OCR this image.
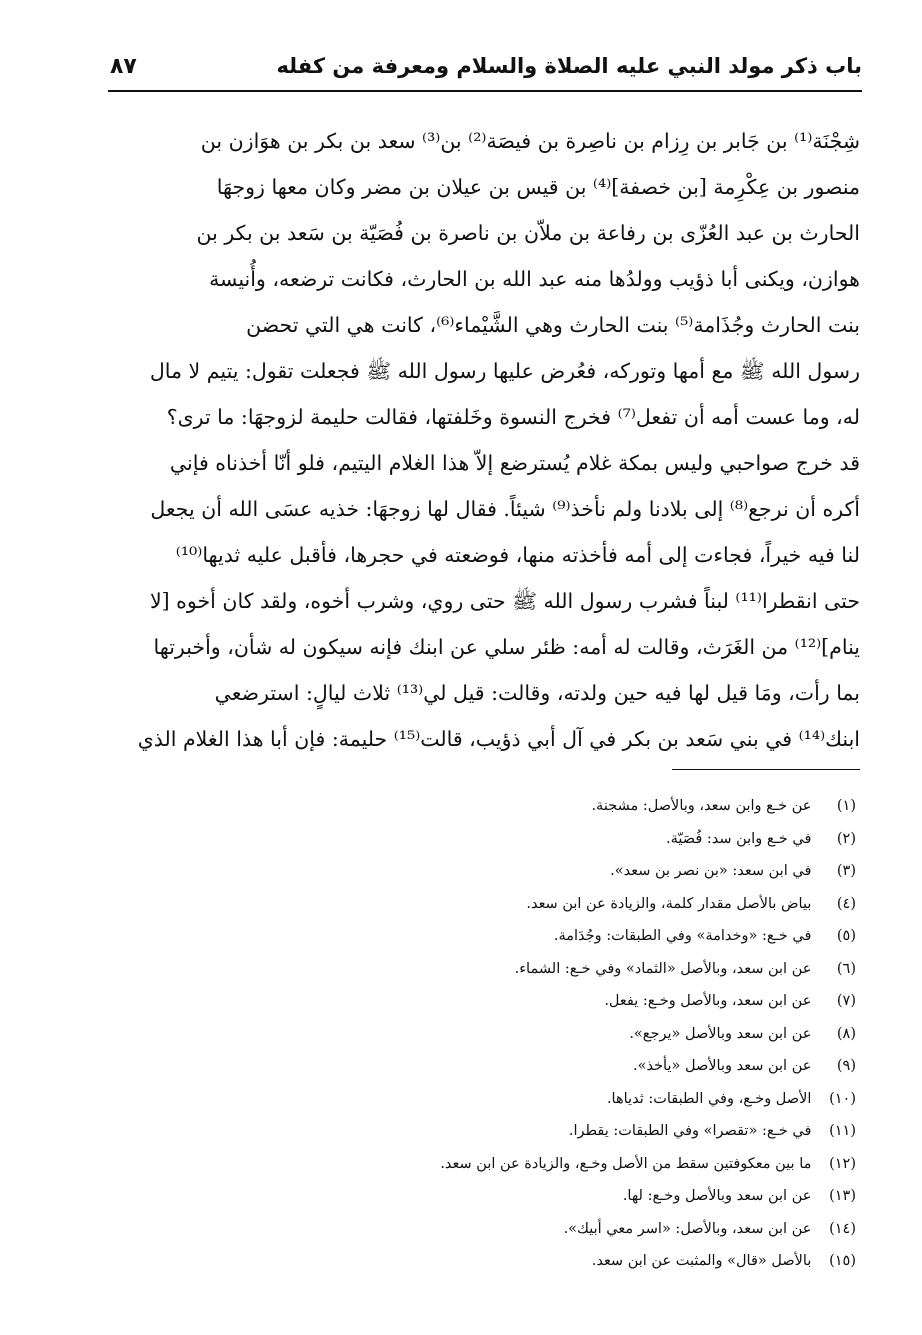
باب ذكر مولد النبي عليه الصلاة والسلام ومعرفة من كفله
٨٧
شِجْنَة⁽¹⁾ بن جَابر بن رِزام بن ناصِرة بن فيصَة⁽²⁾ بن⁽³⁾ سعد بن بكر بن هوَازن بن
منصور بن عِكْرِمة [بن خصفة]⁽⁴⁾ بن قيس بن عيلان بن مضر وكان معها زوجهَا
الحارث بن عبد العُزّى بن رفاعة بن ملاّن بن ناصرة بن فُصَيّة بن سَعد بن بكر بن
هوازن، ويكنى أبا ذؤيب وولدُها منه عبد الله بن الحارث، فكانت ترضعه، وأُنيسة
بنت الحارث وجُذَامة⁽⁵⁾ بنت الحارث وهي الشَّيْماء⁽⁶⁾، كانت هي التي تحضن
رسول الله ﷺ مع أمها وتوركه، فعُرض عليها رسول الله ﷺ فجعلت تقول: يتيم لا مال
له، وما عست أمه أن تفعل⁽⁷⁾ فخرج النسوة وخَلفتها، فقالت حليمة لزوجهَا: ما ترى؟
قد خرج صواحبي وليس بمكة غلام يُسترضع إلاّ هذا الغلام اليتيم، فلو أنّا أخذناه فإني
أكره أن نرجع⁽⁸⁾ إلى بلادنا ولم نأخذ⁽⁹⁾ شيئاً. فقال لها زوجهَا: خذيه عسَى الله أن يجعل
لنا فيه خيراً، فجاءت إلى أمه فأخذته منها، فوضعته في حجرها، فأقبل عليه ثديها⁽¹⁰⁾
حتى انقطرا⁽¹¹⁾ لبناً فشرب رسول الله ﷺ حتى روي، وشرب أخوه، ولقد كان أخوه [لا
ينام]⁽¹²⁾ من الغَرَث، وقالت له أمه: ظئر سلي عن ابنك فإنه سيكون له شأن، وأخبرتها
بما رأت، ومَا قيل لها فيه حين ولدته، وقالت: قيل لي⁽¹³⁾ ثلاث ليالٍ: استرضعي
ابنك⁽¹⁴⁾ في بني سَعد بن بكر في آل أبي ذؤيب، قالت⁽¹⁵⁾ حليمة: فإن أبا هذا الغلام الذي
(١) عن خـع وابن سعد، وبالأصل: مشجنة.
(٢) في خـع وابن سد: فُصَيّة.
(٣) في ابن سعد: «بن نصر بن سعد».
(٤) بياض بالأصل مقدار كلمة، والزيادة عن ابن سعد.
(٥) في خـع: «وخدامة» وفي الطبقات: وجُدَامة.
(٦) عن ابن سعد، وبالأصل «الثماد» وفي خـع: الشماء.
(٧) عن ابن سعد، وبالأصل وخـع: يفعل.
(٨) عن ابن سعد وبالأصل «يرجع».
(٩) عن ابن سعد وبالأصل «يأخذ».
(١٠) الأصل وخـع، وفي الطبقات: ثدياها.
(١١) في خـع: «تقصرا» وفي الطبقات: يقطرا.
(١٢) ما بين معكوفتين سقط من الأصل وخـع، والزيادة عن ابن سعد.
(١٣) عن ابن سعد وبالأصل وخـع: لها.
(١٤) عن ابن سعد، وبالأصل: «اسر معي أبيك».
(١٥) بالأصل «قال» والمثبت عن ابن سعد.
